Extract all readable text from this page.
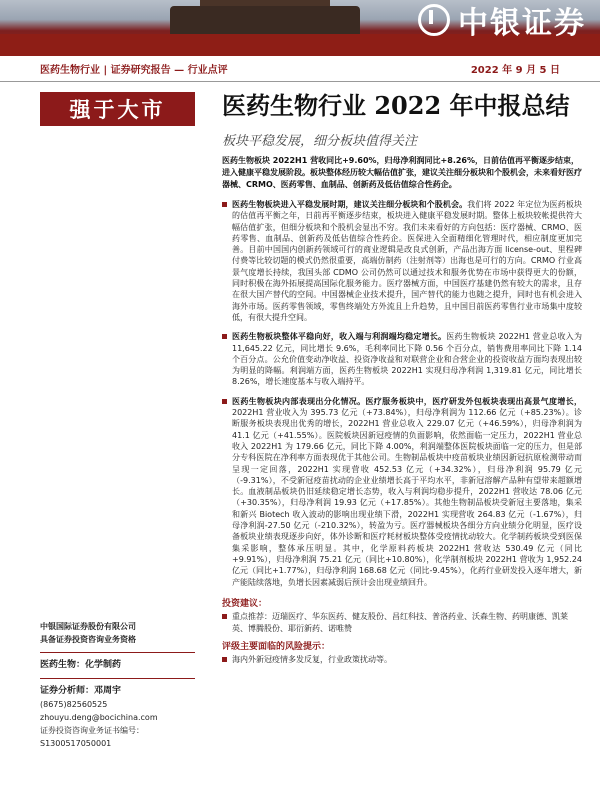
中银证券
医药生物行业 | 证券研究报告 — 行业点评	2022 年 9 月 5 日
强于大市	医药生物行业 2022 年中报总结
板块平稳发展，细分板块值得关注
医药生物板块 2022H1 营收同比+9.60%，归母净利润同比+8.26%，日前估值再平衡逐步结束，进入健康平稳发展阶段。板块整体经历较大幅估值扩张，建议关注细分板块和个股机会，未来看好医疗器械、CRMO、医药零售、血制品、创新药及低估值综合性药企。
医药生物板块进入平稳发展时期，建议关注细分板块和个股机会。我们将 2022 年定位为医药板块的估值再平衡之年，日前再平衡逐步结束，板块进入健康平稳发展时期。整体上板块较帐提供符大幅估值扩张，但细分板块和个股机会显出不穷。我们未来看好的方向包括：医疗器械、CRMO、医药零售、血制品、创新药及低估值综合性药企。医保进入全面精细化管理时代，相应制度更加完善。目前中国国内创新药领域可行的商业逻辑是改良式创新，产品出海方面 license-out、里程碑付费等比较切题的模式仍然很重要，高端仿制药（注射剂等）出海也是可行的方向。CRMO 行业高景气度增长持续，我国头部 CDMO 公司仍然可以通过技术和服务优势在市场中获得更大的份额，同时积极在海外拓展提高国际化服务能力。医疗器械方面，中国医疗基建仍然有较大的需求，且存在很大国产替代的空间。中国器械企业技术提升，国产替代的能力也随之提升，同时也有机会进入海外市场。医药零售领域，零售终端处方外流且上升趋势，且中国目前医药零售行业市场集中度较低，有很大提升空间。
医药生物板块整体平稳向好，收入端与利润端均稳定增长。医药生物板块 2022H1 营业总收入为 11,645.22 亿元，同比增长 9.6%，毛利率同比下降 0.56 个百分点，销售费用率同比下降 1.14 个百分点。公允价值变动净收益、投资净收益和对联营企业和合营企业的投资收益方面均表现出较为明显的降幅。利润端方面，医药生物板块 2022H1 实现归母净利润 1,319.81 亿元，同比增长 8.26%，增长速度基本与收入端持平。
医药生物板块内部表现出分化情况。医疗服务板块中，医疗研发外包板块表现出高景气度增长，2022H1 营业收入为 395.73 亿元（+73.84%），归母净利润为 112.66 亿元（+85.23%）。诊断服务板块表现出优秀的增长，2022H1 营业总收入 229.07 亿元（+46.59%），归母净利润为 41.1 亿元（+41.55%）。医院板块因新冠疫情的负面影响，依然面临一定压力，2022H1 营业总收入 2022H1 为 179.66 亿元，同比下降 4.00%，利润端整体医院板块面临一定的压力，但是部分专科医院在净利率方面表现优于其他公司。生物制品板块中疫苗板块业绩因新冠抗原检测带动而呈现一定回落，2022H1 实现营收 452.53 亿元（+34.32%），归母净利润 95.79 亿元（-9.31%），不受新冠疫苗扰动的企业业绩增长高于平均水平，非新冠溶解产品种有望带来超额增长。血液制品板块仍旧延续稳定增长态势，收入与利润均稳步提升，2022H1 营收达 78.06 亿元（+30.35%），归母净利润 19.93 亿元（+17.85%）。其他生物制品板块受新冠主要落地，集采和新兴 Biotech 收入波动的影响出现业绩下滑，2022H1 实现营收 264.83 亿元（-1.67%），归母净利润-27.50 亿元（-210.32%），转盈为亏。医疗器械板块各细分方向业绩分化明显，医疗设备板块业绩表现逐步向好，体外诊断和医疗耗材板块整体受疫情扰动较大。化学制药板块受到医保集采影响，整体承压明显。其中，化学原料药板块 2022H1 营收达 530.49 亿元（同比+9.91%），归母净利润 75.21 亿元（同比+10.80%），化学制剂板块 2022H1 营收为 1,952.24 亿元（同比+1.77%），归母净利润 168.68 亿元（同比-9.45%），化药行业研发投入逐年增大，新产能陆续落地，负增长因素减弱后预计会出现业绩回升。
投资建议：
重点推荐：迈瑞医疗、华东医药、健友股份、昌红科技、普洛药业、沃森生物、药明康德、凯莱英、博腾股份、耶衍新药、诺唯赞
评级主要面临的风险提示：
海内外新冠疫情多发反复，行业政策扰动等。
中银国际证券股份有限公司
具备证券投资咨询业务资格
医药生物：化学制药
证券分析师：邓周宇
(8675)82560525
zhouyu.deng@bocichina.com
证券投资咨询业务证书编号：S1300517050001
